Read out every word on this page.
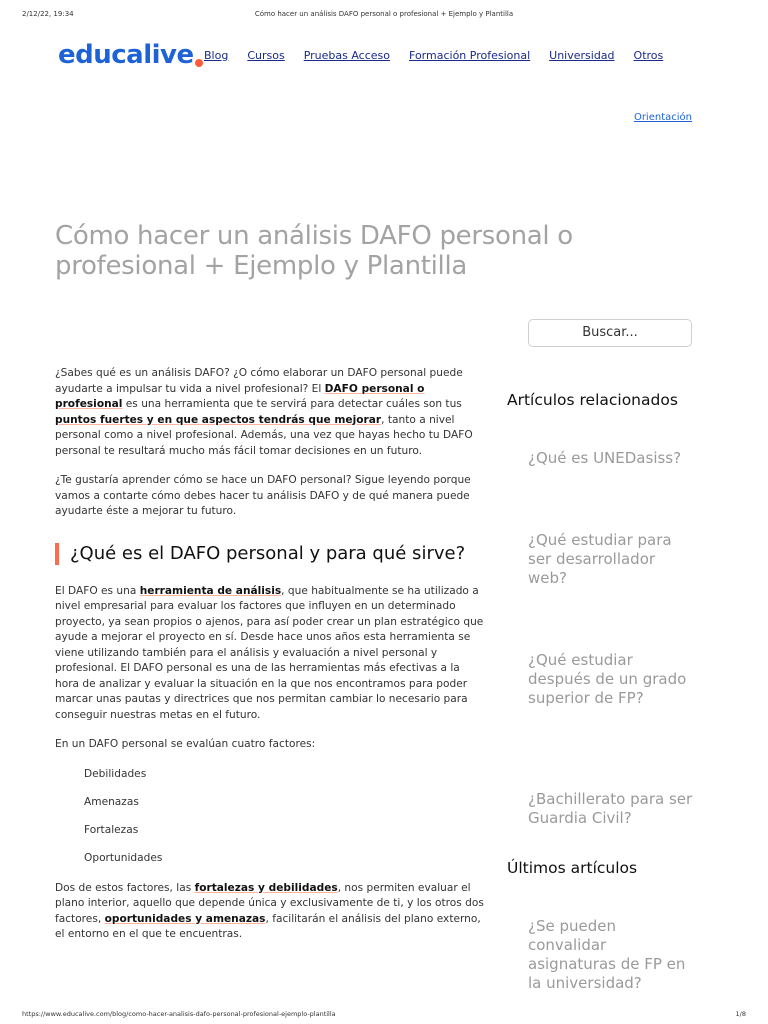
2/12/22, 19:34	Cómo hacer un análisis DAFO personal o profesional + Ejemplo y Plantilla
educalive Blog Cursos Pruebas Acceso Formación Profesional Universidad Otros
Orientación
Cómo hacer un análisis DAFO personal o profesional + Ejemplo y Plantilla

¿Sabes qué es un análisis DAFO? ¿O cómo elaborar un DAFO personal puede ayudarte a impulsar tu vida a nivel profesional? El DAFO personal o profesional es una herramienta que te servirá para detectar cuáles son tus puntos fuertes y en que aspectos tendrás que mejorar, tanto a nivel personal como a nivel profesional. Además, una vez que hayas hecho tu DAFO personal te resultará mucho más fácil tomar decisiones en un futuro.

¿Te gustaría aprender cómo se hace un DAFO personal? Sigue leyendo porque vamos a contarte cómo debes hacer tu análisis DAFO y de qué manera puede ayudarte éste a mejorar tu futuro.

¿Qué es el DAFO personal y para qué sirve?

El DAFO es una herramienta de análisis, que habitualmente se ha utilizado a nivel empresarial para evaluar los factores que influyen en un determinado proyecto, ya sean propios o ajenos, para así poder crear un plan estratégico que ayude a mejorar el proyecto en sí. Desde hace unos años esta herramienta se viene utilizando también para el análisis y evaluación a nivel personal y profesional. El DAFO personal es una de las herramientas más efectivas a la hora de analizar y evaluar la situación en la que nos encontramos para poder marcar unas pautas y directrices que nos permitan cambiar lo necesario para conseguir nuestras metas en el futuro.

En un DAFO personal se evalúan cuatro factores:

Debilidades
Amenazas
Fortalezas
Oportunidades

Dos de estos factores, las fortalezas y debilidades, nos permiten evaluar el plano interior, aquello que depende única y exclusivamente de ti, y los otros dos factores, oportunidades y amenazas, facilitarán el análisis del plano externo, el entorno en el que te encuentras.

Buscar...
Artículos relacionados
¿Qué es UNEDasiss?
¿Qué estudiar para ser desarrollador web?
¿Qué estudiar después de un grado superior de FP?
¿Bachillerato para ser Guardia Civil?
Últimos artículos
¿Se pueden convalidar asignaturas de FP en la universidad?
https://www.educalive.com/blog/como-hacer-analisis-dafo-personal-profesional-ejemplo-plantilla	1/8
